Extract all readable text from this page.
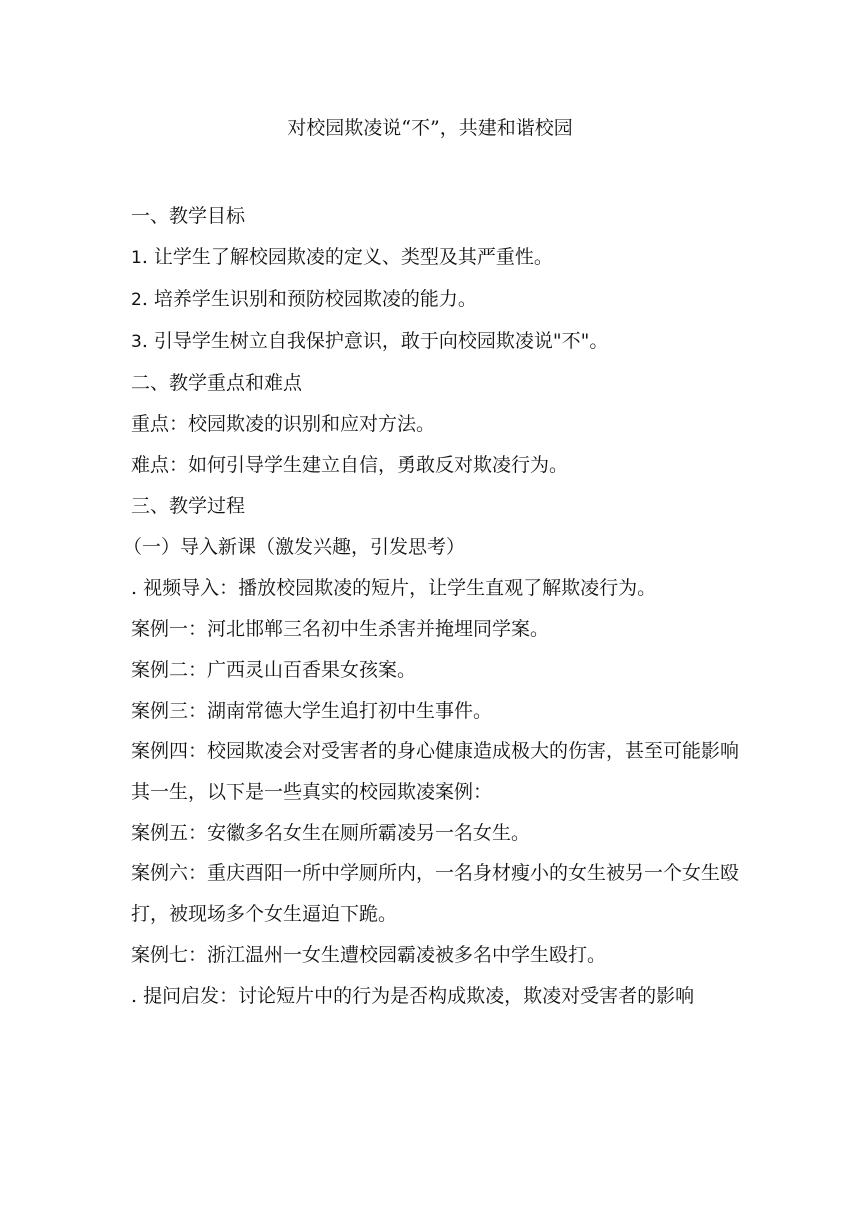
对校园欺凌说“不”，共建和谐校园
一、教学目标
1. 让学生了解校园欺凌的定义、类型及其严重性。
2. 培养学生识别和预防校园欺凌的能力。
3. 引导学生树立自我保护意识，敢于向校园欺凌说"不"。
二、教学重点和难点
重点：校园欺凌的识别和应对方法。
难点：如何引导学生建立自信，勇敢反对欺凌行为。
三、教学过程
（一）导入新课（激发兴趣，引发思考）
. 视频导入：播放校园欺凌的短片，让学生直观了解欺凌行为。
案例一：河北邯郸三名初中生杀害并掩埋同学案。
案例二：广西灵山百香果女孩案。
案例三：湖南常德大学生追打初中生事件。
案例四：校园欺凌会对受害者的身心健康造成极大的伤害，甚至可能影响其一生，以下是一些真实的校园欺凌案例：
案例五：安徽多名女生在厕所霸凌另一名女生。
案例六：重庆酉阳一所中学厕所内，一名身材瘦小的女生被另一个女生殴打，被现场多个女生逼迫下跪。
案例七：浙江温州一女生遭校园霸凌被多名中学生殴打。
. 提问启发：讨论短片中的行为是否构成欺凌，欺凌对受害者的影响
